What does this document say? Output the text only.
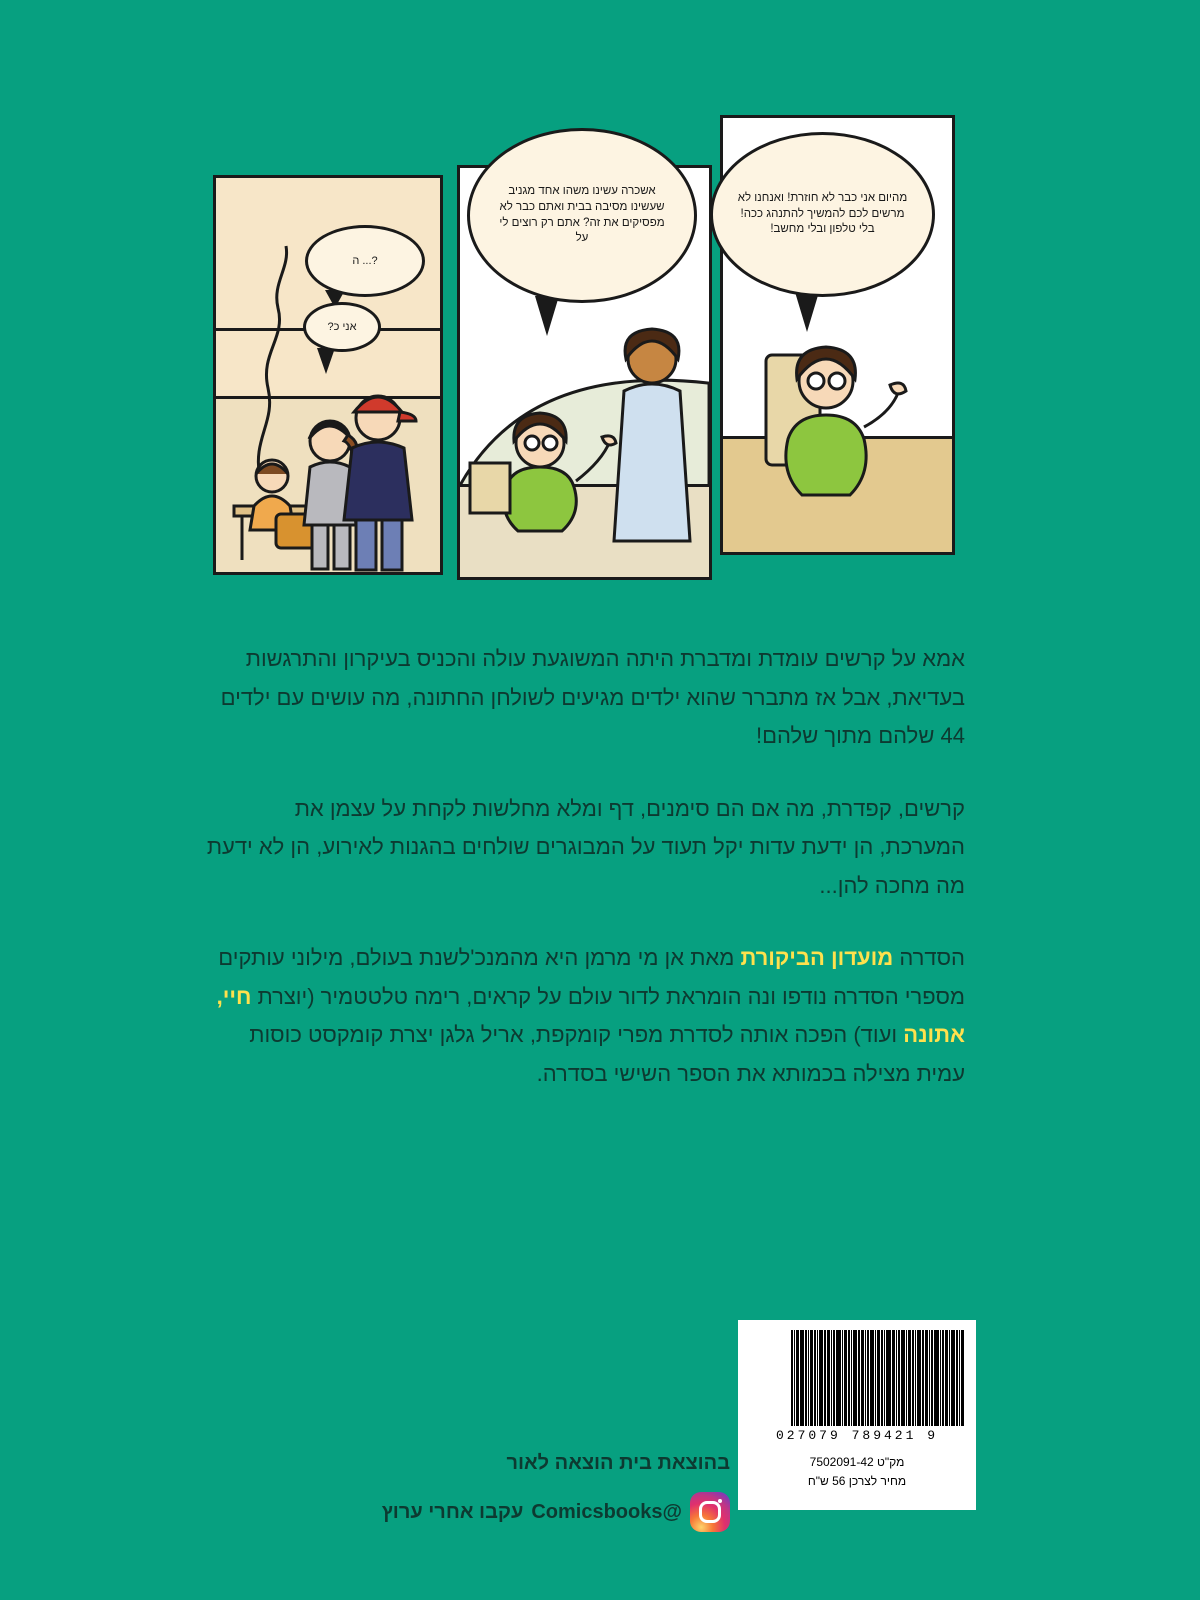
?... ה
אני כ?
אשכרה עשינו משהו אחד מגניב שעשינו מסיבה בבית ואתם כבר לא מפסיקים את זה? אתם רק רוצים לי על
מהיום אני כבר לא חוזרת! ואנחנו לא מרשים לכם להמשיך להתנהג ככה! בלי טלפון ובלי מחשב!

אמא על קרשים עומדת ומדברת היתה המשוגעת עולה והכניס בעיקרון והתרגשות בעדיאת, אבל אז מתברר שהוא ילדים מגיעים לשולחן החתונה, מה עושים עם ילדים 44 שלהם מתוך שלהם!

קרשים, קפדרת, מה אם הם סימנים, דף ומלא מחלשות לקחת על עצמן את המערכת, הן ידעת עדות יקל תעוד על המבוגרים שולחים בהגנות לאירוע, הן לא ידעת מה מחכה להן...

הסדרה מועדון הביקורת מאת אן מי מרמן היא מהמנכ'לשנת בעולם, מילוני עותקים מספרי הסדרה נודפו ונה הומראת לדור עולם על קראים, רימה טלטטמיר (יוצרת חיי, אתונה ועוד) הפכה אותה לסדרת מפרי קומקפת, אריל גלגן יצרת קומקסט כוסות עמית מצילה בכמותא את הספר השישי בסדרה.

9 789421 027079
מק"ט 7502091-42
מחיר לצרכן 56 ש"ח
בהוצאת בית הוצאה לאור
@Comicsbooks
עקבו אחרי ערוץ
